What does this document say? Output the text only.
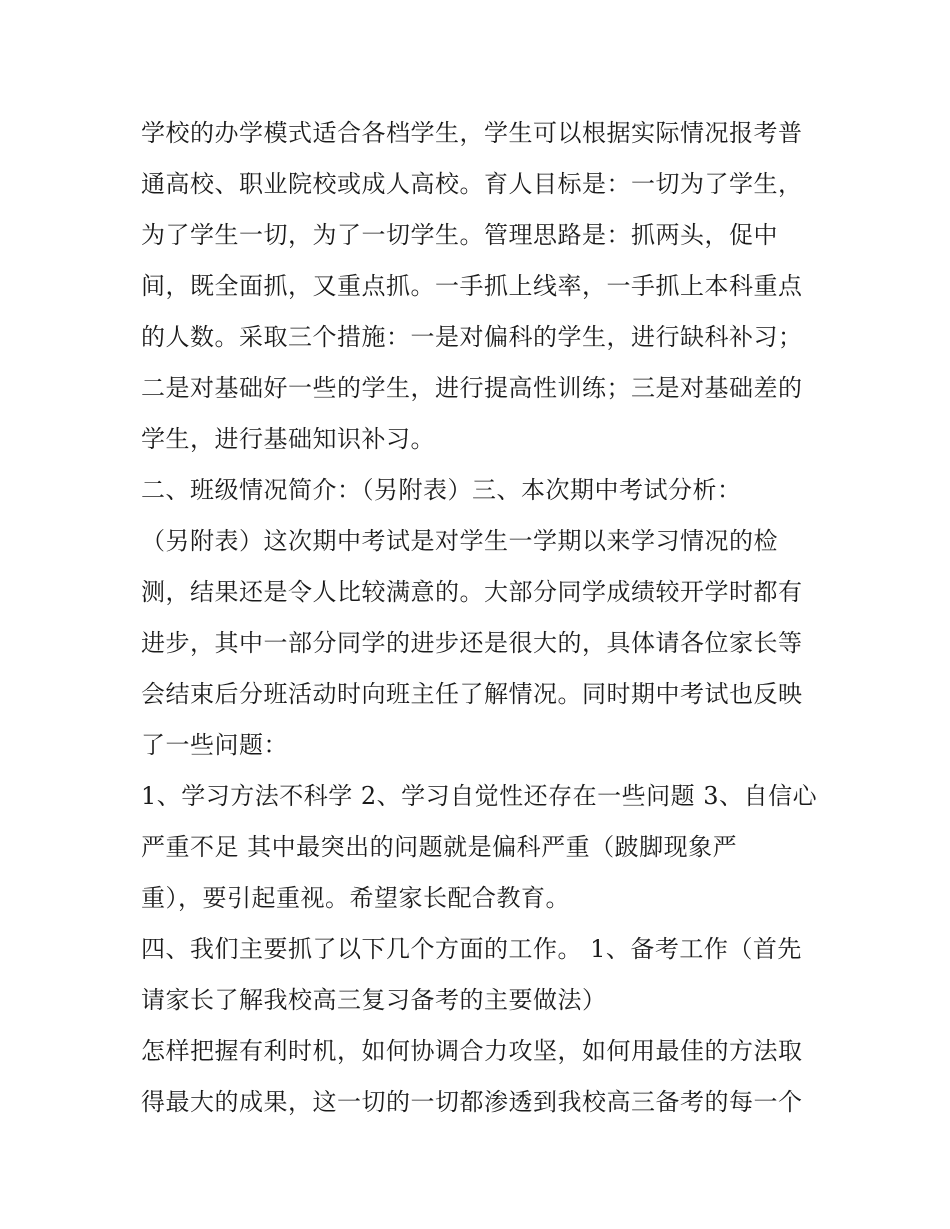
学校的办学模式适合各档学生，学生可以根据实际情况报考普
通高校、职业院校或成人高校。育人目标是：一切为了学生，
为了学生一切，为了一切学生。管理思路是：抓两头，促中
间，既全面抓，又重点抓。一手抓上线率，一手抓上本科重点
的人数。采取三个措施：一是对偏科的学生，进行缺科补习；
二是对基础好一些的学生，进行提高性训练；三是对基础差的
学生，进行基础知识补习。
二、班级情况简介：（另附表）三、本次期中考试分析：
（另附表）这次期中考试是对学生一学期以来学习情况的检
测，结果还是令人比较满意的。大部分同学成绩较开学时都有
进步，其中一部分同学的进步还是很大的，具体请各位家长等
会结束后分班活动时向班主任了解情况。同时期中考试也反映
了一些问题：
1、学习方法不科学 2、学习自觉性还存在一些问题 3、自信心
严重不足 其中最突出的问题就是偏科严重（跛脚现象严
重），要引起重视。希望家长配合教育。
四、我们主要抓了以下几个方面的工作。 1、备考工作（首先
请家长了解我校高三复习备考的主要做法）
怎样把握有利时机，如何协调合力攻坚，如何用最佳的方法取
得最大的成果，这一切的一切都渗透到我校高三备考的每一个
